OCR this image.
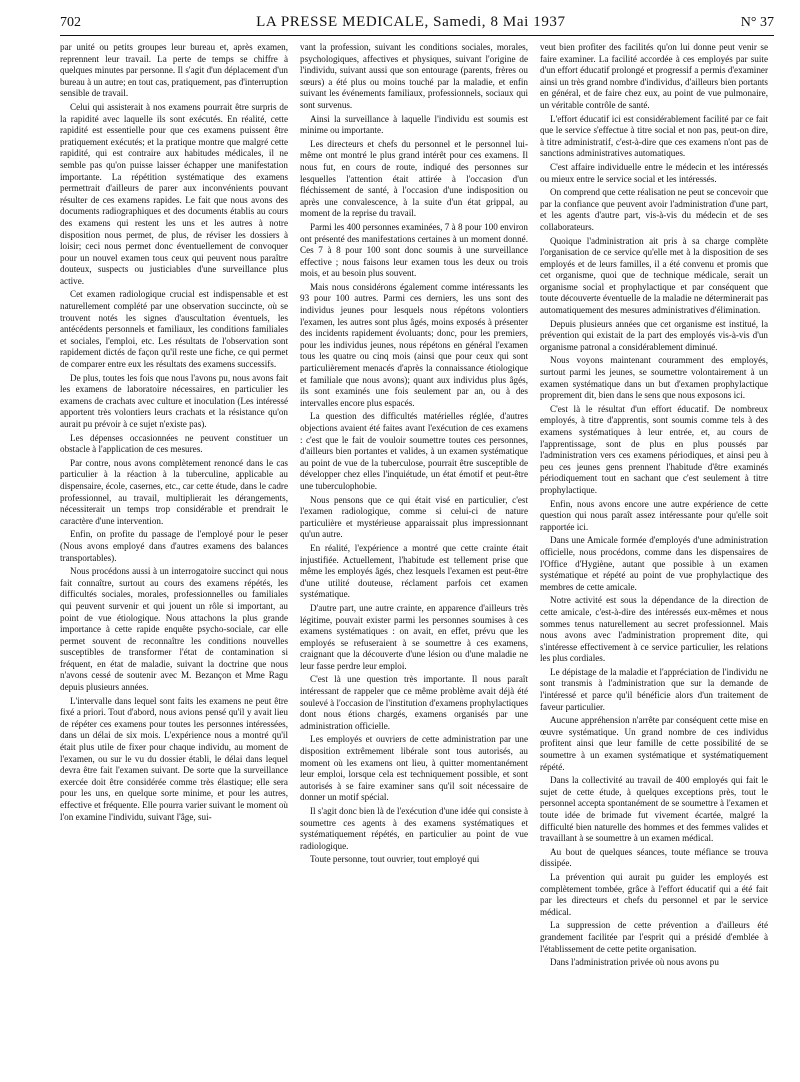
702	LA PRESSE MEDICALE, Samedi, 8 Mai 1937	N° 37

par unité ou petits groupes leur bureau et, après examen, reprennent leur travail. La perte de temps se chiffre à quelques minutes par personne. Il s'agit d'un déplacement d'un bureau à un autre; en tout cas, pratiquement, pas d'interruption sensible de travail.

Celui qui assisterait à nos examens pourrait être surpris de la rapidité avec laquelle ils sont exécutés. En réalité, cette rapidité est essentielle pour que ces examens puissent être pratiquement exécutés; et la pratique montre que malgré cette rapidité, qui est contraire aux habitudes médicales, il ne semble pas qu'on puisse laisser échapper une manifestation importante. La répétition systématique des examens permettrait d'ailleurs de parer aux inconvénients pouvant résulter de ces examens rapides. Le fait que nous avons des documents radiographiques et des documents établis au cours des examens qui restent les uns et les autres à notre disposition nous permet, de plus, de réviser les dossiers à loisir; ceci nous permet donc éventuellement de convoquer pour un nouvel examen tous ceux qui peuvent nous paraître douteux, suspects ou justiciables d'une surveillance plus active.

Cet examen radiologique crucial est indispensable et est naturellement complété par une observation succincte, où se trouvent notés les signes d'auscultation éventuels, les antécédents personnels et familiaux, les conditions familiales et sociales, l'emploi, etc. Les résultats de l'observation sont rapidement dictés de façon qu'il reste une fiche, ce qui permet de comparer entre eux les résultats des examens successifs.

De plus, toutes les fois que nous l'avons pu, nous avons fait les examens de laboratoire nécessaires, en particulier les examens de crachats avec culture et inoculation (Les intéressé apportent très volontiers leurs crachats et la résistance qu'on aurait pu prévoir à ce sujet n'existe pas).

Les dépenses occasionnées ne peuvent constituer un obstacle à l'application de ces mesures.

Par contre, nous avons complètement renoncé dans le cas particulier à la réaction à la tuberculine, applicable au dispensaire, école, casernes, etc., car cette étude, dans le cadre professionnel, au travail, multiplierait les dérangements, nécessiterait un temps trop considérable et prendrait le caractère d'une intervention.

Enfin, on profite du passage de l'employé pour le peser (Nous avons employé dans d'autres examens des balances transportables).

Nous procédons aussi à un interrogatoire succinct qui nous fait connaître, surtout au cours des examens répétés, les difficultés sociales, morales, professionnelles ou familiales qui peuvent survenir et qui jouent un rôle si important, au point de vue étiologique. Nous attachons la plus grande importance à cette rapide enquête psycho-sociale, car elle permet souvent de reconnaître les conditions nouvelles susceptibles de transformer l'état de contamination si fréquent, en état de maladie, suivant la doctrine que nous n'avons cessé de soutenir avec M. Bezançon et Mme Ragu depuis plusieurs années.

L'intervalle dans lequel sont faits les examens ne peut être fixé a priori. Tout d'abord, nous avions pensé qu'il y avait lieu de répéter ces examens pour toutes les personnes intéressées, dans un délai de six mois. L'expérience nous a montré qu'il était plus utile de fixer pour chaque individu, au moment de l'examen, ou sur le vu du dossier établi, le délai dans lequel devra être fait l'examen suivant. De sorte que la surveillance exercée doit être considérée comme très élastique; elle sera pour les uns, en quelque sorte minime, et pour les autres, effective et fréquente. Elle pourra varier suivant le moment où l'on examine l'individu, suivant l'âge, sui-

vant la profession, suivant les conditions sociales, morales, psychologiques, affectives et physiques, suivant l'origine de l'individu, suivant aussi que son entourage (parents, frères ou sœurs) a été plus ou moins touché par la maladie, et enfin suivant les événements familiaux, professionnels, sociaux qui sont survenus.

Ainsi la surveillance à laquelle l'individu est soumis est minime ou importante.

Les directeurs et chefs du personnel et le personnel lui-même ont montré le plus grand intérêt pour ces examens. Il nous fut, en cours de route, indiqué des personnes sur lesquelles l'attention était attirée à l'occasion d'un fléchissement de santé, à l'occasion d'une indisposition ou après une convalescence, à la suite d'un état grippal, au moment de la reprise du travail.

Parmi les 400 personnes examinées, 7 à 8 pour 100 environ ont présenté des manifestations certaines à un moment donné. Ces 7 à 8 pour 100 sont donc soumis à une surveillance effective ; nous faisons leur examen tous les deux ou trois mois, et au besoin plus souvent.

Mais nous considérons également comme intéressants les 93 pour 100 autres. Parmi ces derniers, les uns sont des individus jeunes pour lesquels nous répétons volontiers l'examen, les autres sont plus âgés, moins exposés à présenter des incidents rapidement évoluants; donc, pour les premiers, pour les individus jeunes, nous répétons en général l'examen tous les quatre ou cinq mois (ainsi que pour ceux qui sont particulièrement menacés d'après la connaissance étiologique et familiale que nous avons); quant aux individus plus âgés, ils sont examinés une fois seulement par an, ou à des intervalles encore plus espacés.

La question des difficultés matérielles réglée, d'autres objections avaient été faites avant l'exécution de ces examens : c'est que le fait de vouloir soumettre toutes ces personnes, d'ailleurs bien portantes et valides, à un examen systématique au point de vue de la tuberculose, pourrait être susceptible de développer chez elles l'inquiétude, un état émotif et peut-être une tuberculophobie.

Nous pensons que ce qui était visé en particulier, c'est l'examen radiologique, comme si celui-ci de nature particulière et mystérieuse apparaissait plus impressionnant qu'un autre.

En réalité, l'expérience a montré que cette crainte était injustifiée. Actuellement, l'habitude est tellement prise que même les employés âgés, chez lesquels l'examen est peut-être d'une utilité douteuse, réclament parfois cet examen systématique.

D'autre part, une autre crainte, en apparence d'ailleurs très légitime, pouvait exister parmi les personnes soumises à ces examens systématiques : on avait, en effet, prévu que les employés se refuseraient à se soumettre à ces examens, craignant que la découverte d'une lésion ou d'une maladie ne leur fasse perdre leur emploi.

C'est là une question très importante. Il nous paraît intéressant de rappeler que ce même problème avait déjà été soulevé à l'occasion de l'institution d'examens prophylactiques dont nous étions chargés, examens organisés par une administration officielle.

Les employés et ouvriers de cette administration par une disposition extrêmement libérale sont tous autorisés, au moment où les examens ont lieu, à quitter momentanément leur emploi, lorsque cela est techniquement possible, et sont autorisés à se faire examiner sans qu'il soit nécessaire de donner un motif spécial.

Il s'agit donc bien là de l'exécution d'une idée qui consiste à soumettre ces agents à des examens systématiques et systématiquement répétés, en particulier au point de vue radiologique.

Toute personne, tout ouvrier, tout employé qui

veut bien profiter des facilités qu'on lui donne peut venir se faire examiner. La facilité accordée à ces employés par suite d'un effort éducatif prolongé et progressif a permis d'examiner ainsi un très grand nombre d'individus, d'ailleurs bien portants en général, et de faire chez eux, au point de vue pulmonaire, un véritable contrôle de santé.

L'effort éducatif ici est considérablement facilité par ce fait que le service s'effectue à titre social et non pas, peut-on dire, à titre administratif, c'est-à-dire que ces examens n'ont pas de sanctions administratives automatiques.

C'est affaire individuelle entre le médecin et les intéressés ou mieux entre le service social et les intéressés.

On comprend que cette réalisation ne peut se concevoir que par la confiance que peuvent avoir l'administration d'une part, et les agents d'autre part, vis-à-vis du médecin et de ses collaborateurs.

Quoique l'administration ait pris à sa charge complète l'organisation de ce service qu'elle met à la disposition de ses employés et de leurs familles, il a été convenu et promis que cet organisme, quoi que de technique médicale, serait un organisme social et prophylactique et par conséquent que toute découverte éventuelle de la maladie ne déterminerait pas automatiquement des mesures administratives d'élimination.

Depuis plusieurs années que cet organisme est institué, la prévention qui existait de la part des employés vis-à-vis d'un organisme patronal a considérablement diminué.

Nous voyons maintenant couramment des employés, surtout parmi les jeunes, se soumettre volontairement à un examen systématique dans un but d'examen prophylactique proprement dit, bien dans le sens que nous exposons ici.

C'est là le résultat d'un effort éducatif. De nombreux employés, à titre d'apprentis, sont soumis comme tels à des examens systématiques à leur entrée, et, au cours de l'apprentissage, sont de plus en plus poussés par l'administration vers ces examens périodiques, et ainsi peu à peu ces jeunes gens prennent l'habitude d'être examinés périodiquement tout en sachant que c'est seulement à titre prophylactique.

Enfin, nous avons encore une autre expérience de cette question qui nous paraît assez intéressante pour qu'elle soit rapportée ici.

Dans une Amicale formée d'employés d'une administration officielle, nous procédons, comme dans les dispensaires de l'Office d'Hygiène, autant que possible à un examen systématique et répété au point de vue prophylactique des membres de cette amicale.

Notre activité est sous la dépendance de la direction de cette amicale, c'est-à-dire des intéressés eux-mêmes et nous sommes tenus naturellement au secret professionnel. Mais nous avons avec l'administration proprement dite, qui s'intéresse effectivement à ce service particulier, les relations les plus cordiales.

Le dépistage de la maladie et l'appréciation de l'individu ne sont transmis à l'administration que sur la demande de l'intéressé et parce qu'il bénéficie alors d'un traitement de faveur particulier.

Aucune appréhension n'arrête par conséquent cette mise en œuvre systématique. Un grand nombre de ces individus profitent ainsi que leur famille de cette possibilité de se soumettre à un examen systématique et systématiquement répété.

Dans la collectivité au travail de 400 employés qui fait le sujet de cette étude, à quelques exceptions près, tout le personnel accepta spontanément de se soumettre à l'examen et toute idée de brimade fut vivement écartée, malgré la difficulté bien naturelle des hommes et des femmes valides et travaillant à se soumettre à un examen médical.

Au bout de quelques séances, toute méfiance se trouva dissipée.

La prévention qui aurait pu guider les employés est complètement tombée, grâce à l'effort éducatif qui a été fait par les directeurs et chefs du personnel et par le service médical.

La suppression de cette prévention a d'ailleurs été grandement facilitée par l'esprit qui a présidé d'emblée à l'établissement de cette petite organisation.

Dans l'administration privée où nous avons pu
